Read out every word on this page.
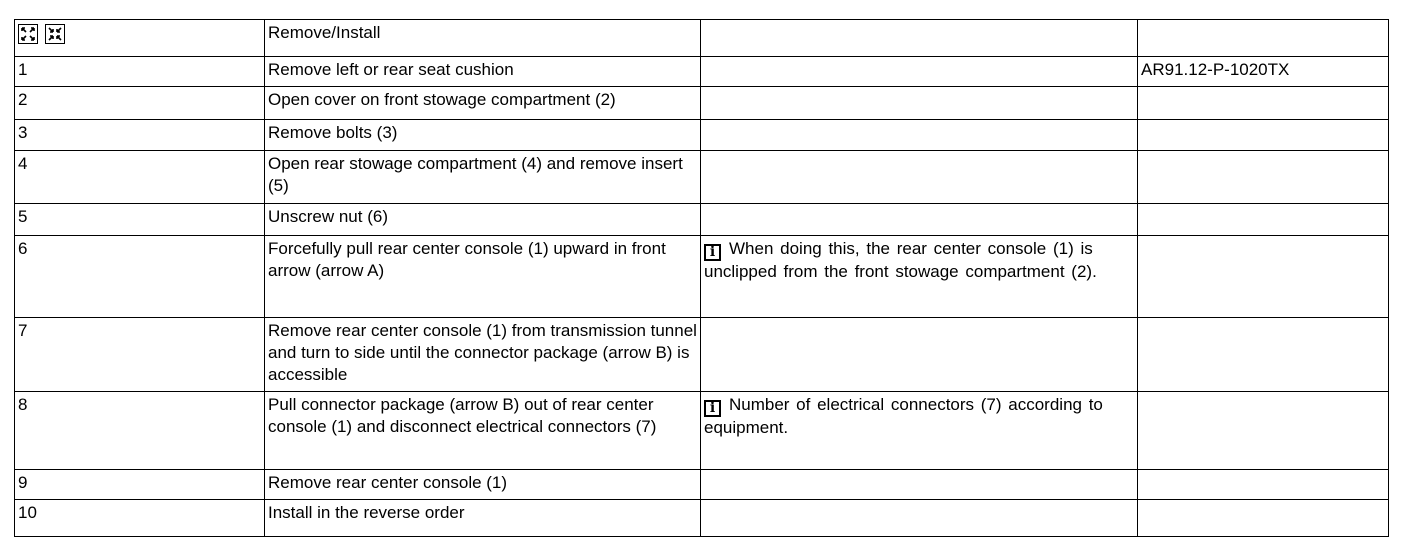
	Remove/Install		
1	Remove left or rear seat cushion		AR91.12-P-1020TX
2	Open cover on front stowage compartment (2)		
3	Remove bolts (3)		
4	Open rear stowage compartment (4) and remove insert (5)		
5	Unscrew nut (6)		
6	Forcefully pull rear center console (1) upward in front arrow (arrow A)	i When doing this, the rear center console (1) is unclipped from the front stowage compartment (2).	

7	Remove rear center console (1) from transmission tunnel and turn to side until the connector package (arrow B) is accessible		
8	Pull connector package (arrow B) out of rear center console (1) and disconnect electrical connectors (7)	i Number of electrical connectors (7) according to equipment.	

9	Remove rear center console (1)		
10	Install in the reverse order		
